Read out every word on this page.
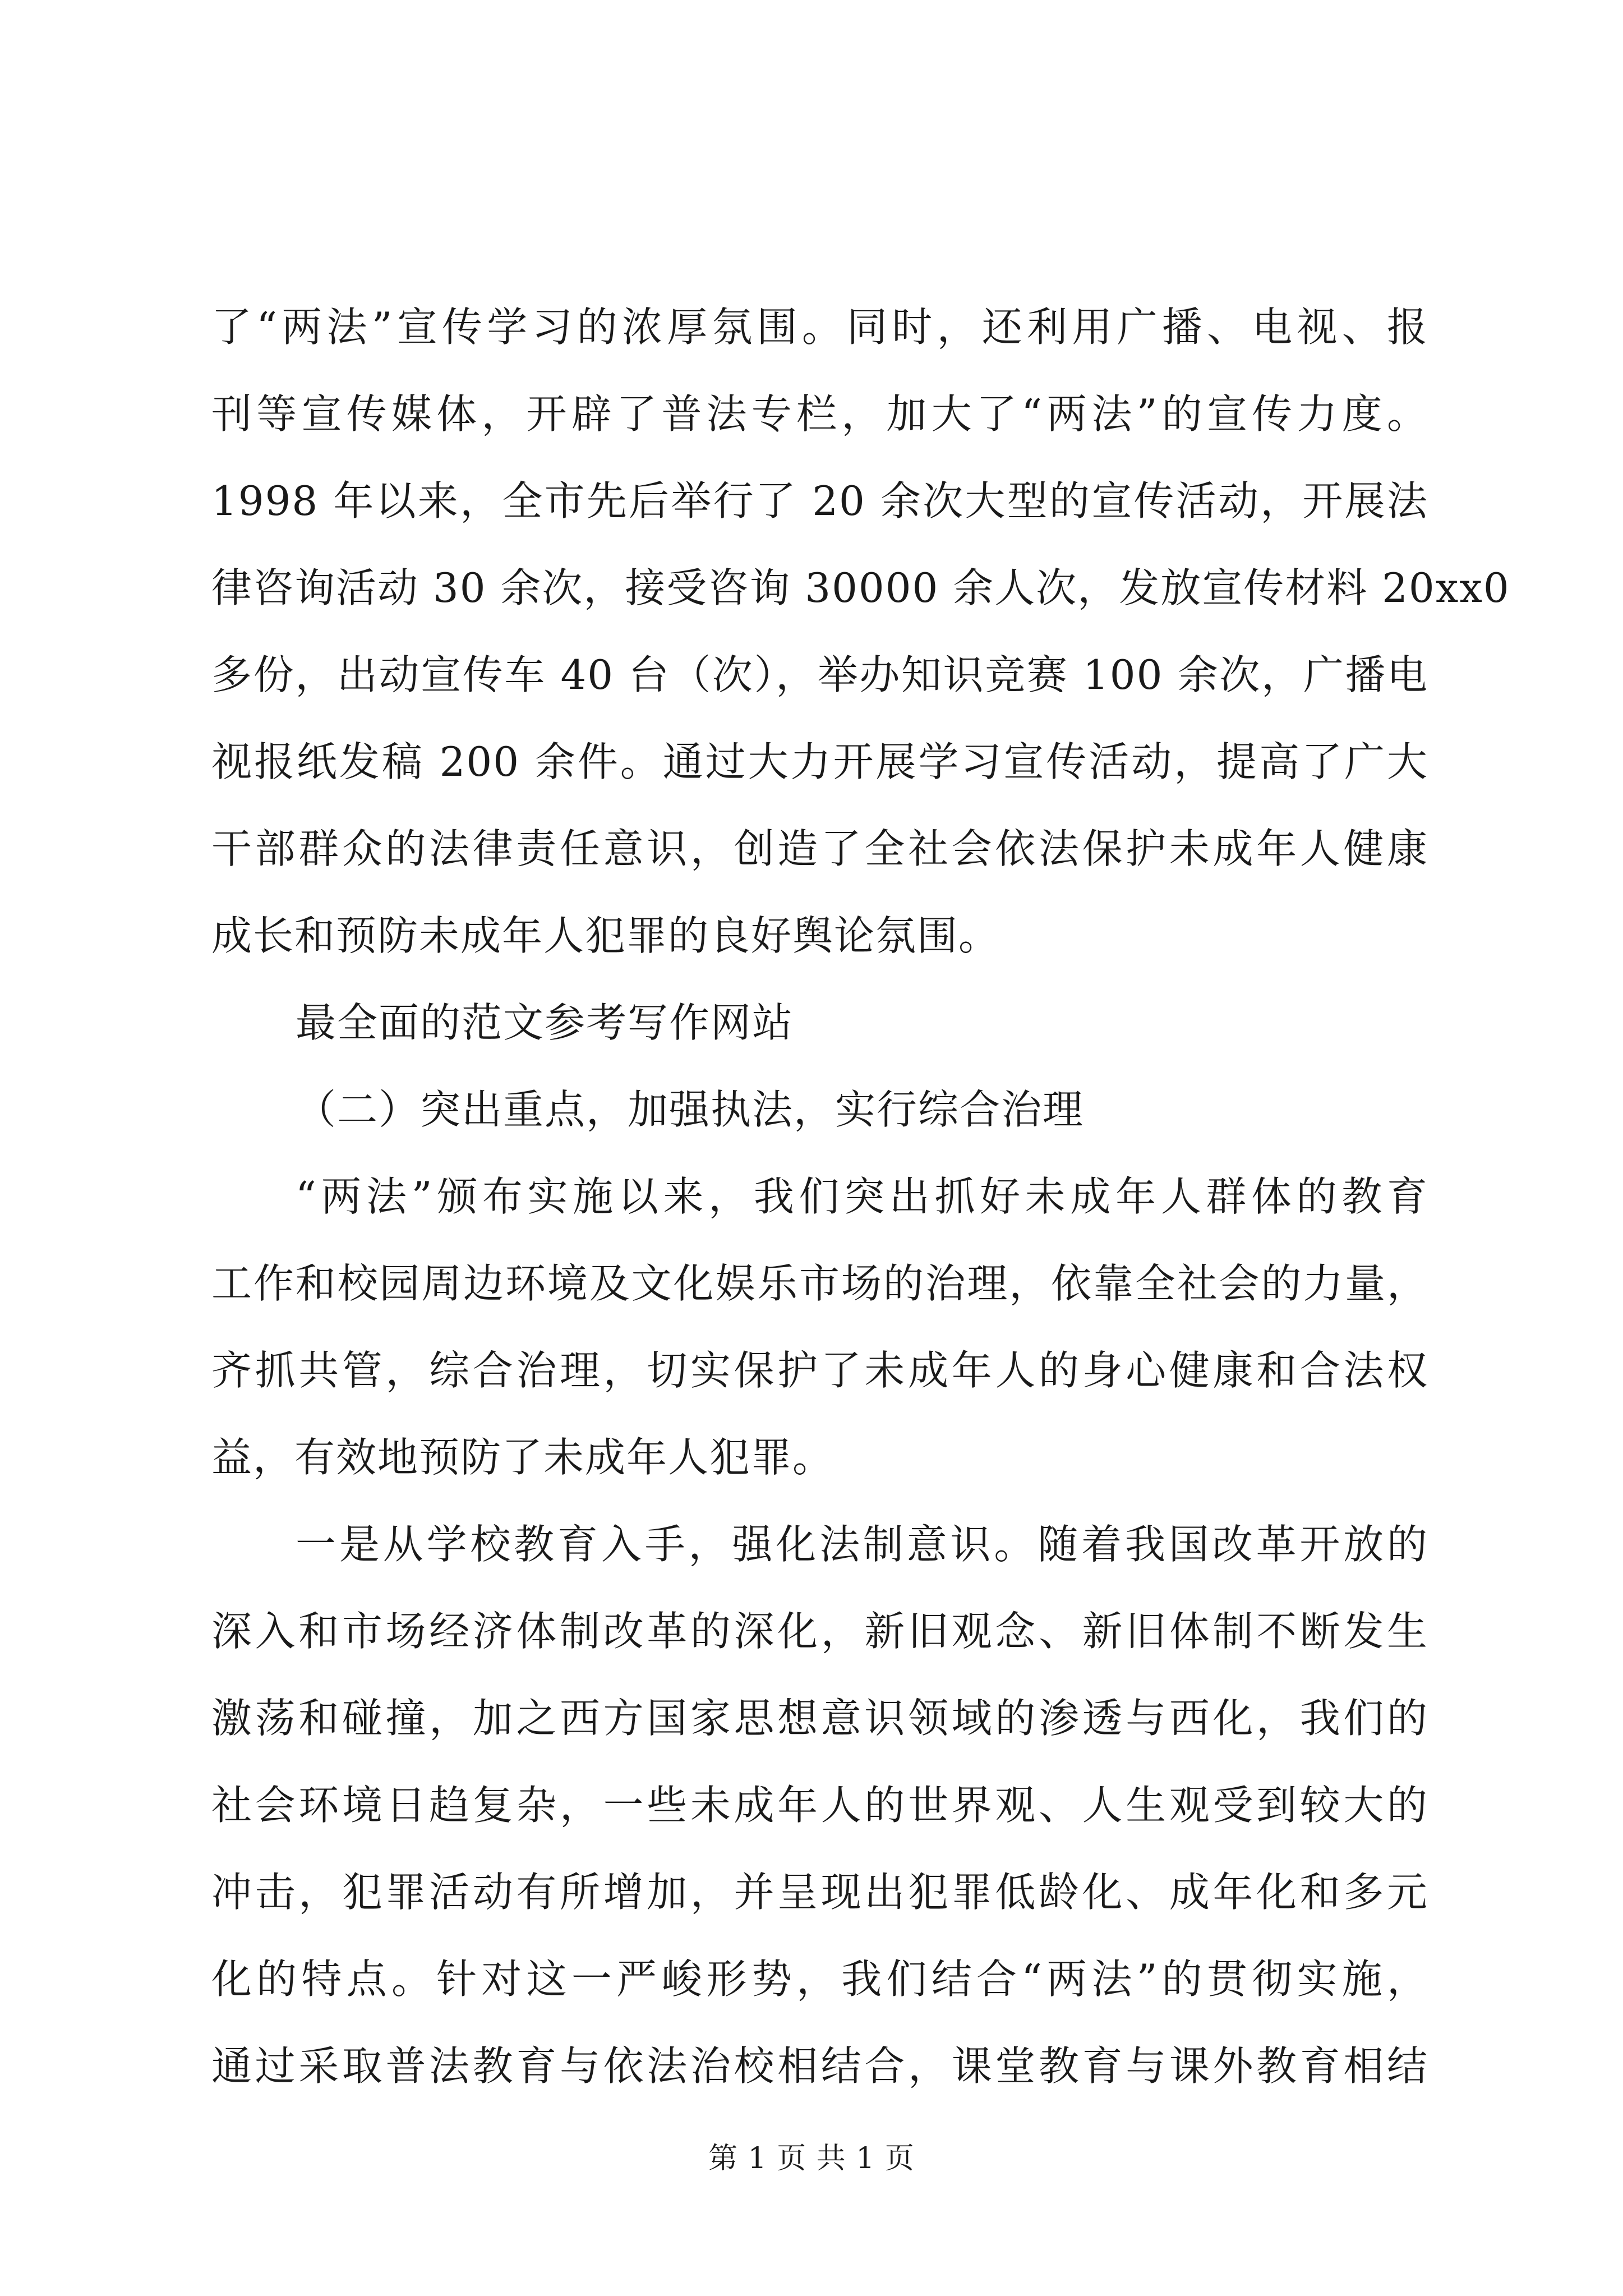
了“两法”宣传学习的浓厚氛围。同时，还利用广播、电视、报
刊等宣传媒体，开辟了普法专栏，加大了“两法”的宣传力度。
1998 年以来，全市先后举行了 20 余次大型的宣传活动，开展法
律咨询活动 30 余次，接受咨询 30000 余人次，发放宣传材料 20xx0
多份，出动宣传车 40 台（次），举办知识竞赛 100 余次，广播电
视报纸发稿 200 余件。通过大力开展学习宣传活动，提高了广大
干部群众的法律责任意识，创造了全社会依法保护未成年人健康
成长和预防未成年人犯罪的良好舆论氛围。
最全面的范文参考写作网站
（二）突出重点，加强执法，实行综合治理
“两法”颁布实施以来，我们突出抓好未成年人群体的教育
工作和校园周边环境及文化娱乐市场的治理，依靠全社会的力量，
齐抓共管，综合治理，切实保护了未成年人的身心健康和合法权
益，有效地预防了未成年人犯罪。
一是从学校教育入手，强化法制意识。随着我国改革开放的
深入和市场经济体制改革的深化，新旧观念、新旧体制不断发生
激荡和碰撞，加之西方国家思想意识领域的渗透与西化，我们的
社会环境日趋复杂，一些未成年人的世界观、人生观受到较大的
冲击，犯罪活动有所增加，并呈现出犯罪低龄化、成年化和多元
化的特点。针对这一严峻形势，我们结合“两法”的贯彻实施，
通过采取普法教育与依法治校相结合，课堂教育与课外教育相结
第 1 页 共 1 页
